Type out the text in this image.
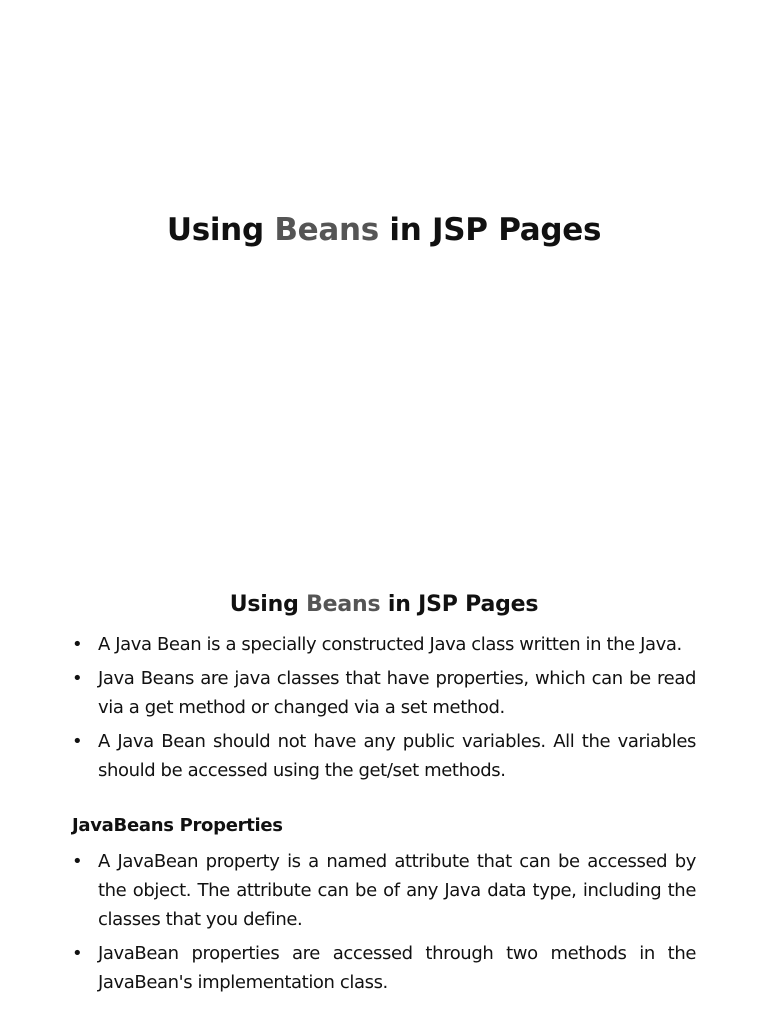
Using Beans in JSP Pages
Using Beans in JSP Pages
• A Java Bean is a specially constructed Java class written in the Java.
• Java Beans are java classes that have properties, which can be read via a get method or changed via a set method.
• A Java Bean should not have any public variables. All the variables should be accessed using the get/set methods.
JavaBeans Properties
• A JavaBean property is a named attribute that can be accessed by the object. The attribute can be of any Java data type, including the classes that you define.
• JavaBean properties are accessed through two methods in the JavaBean's implementation class.
